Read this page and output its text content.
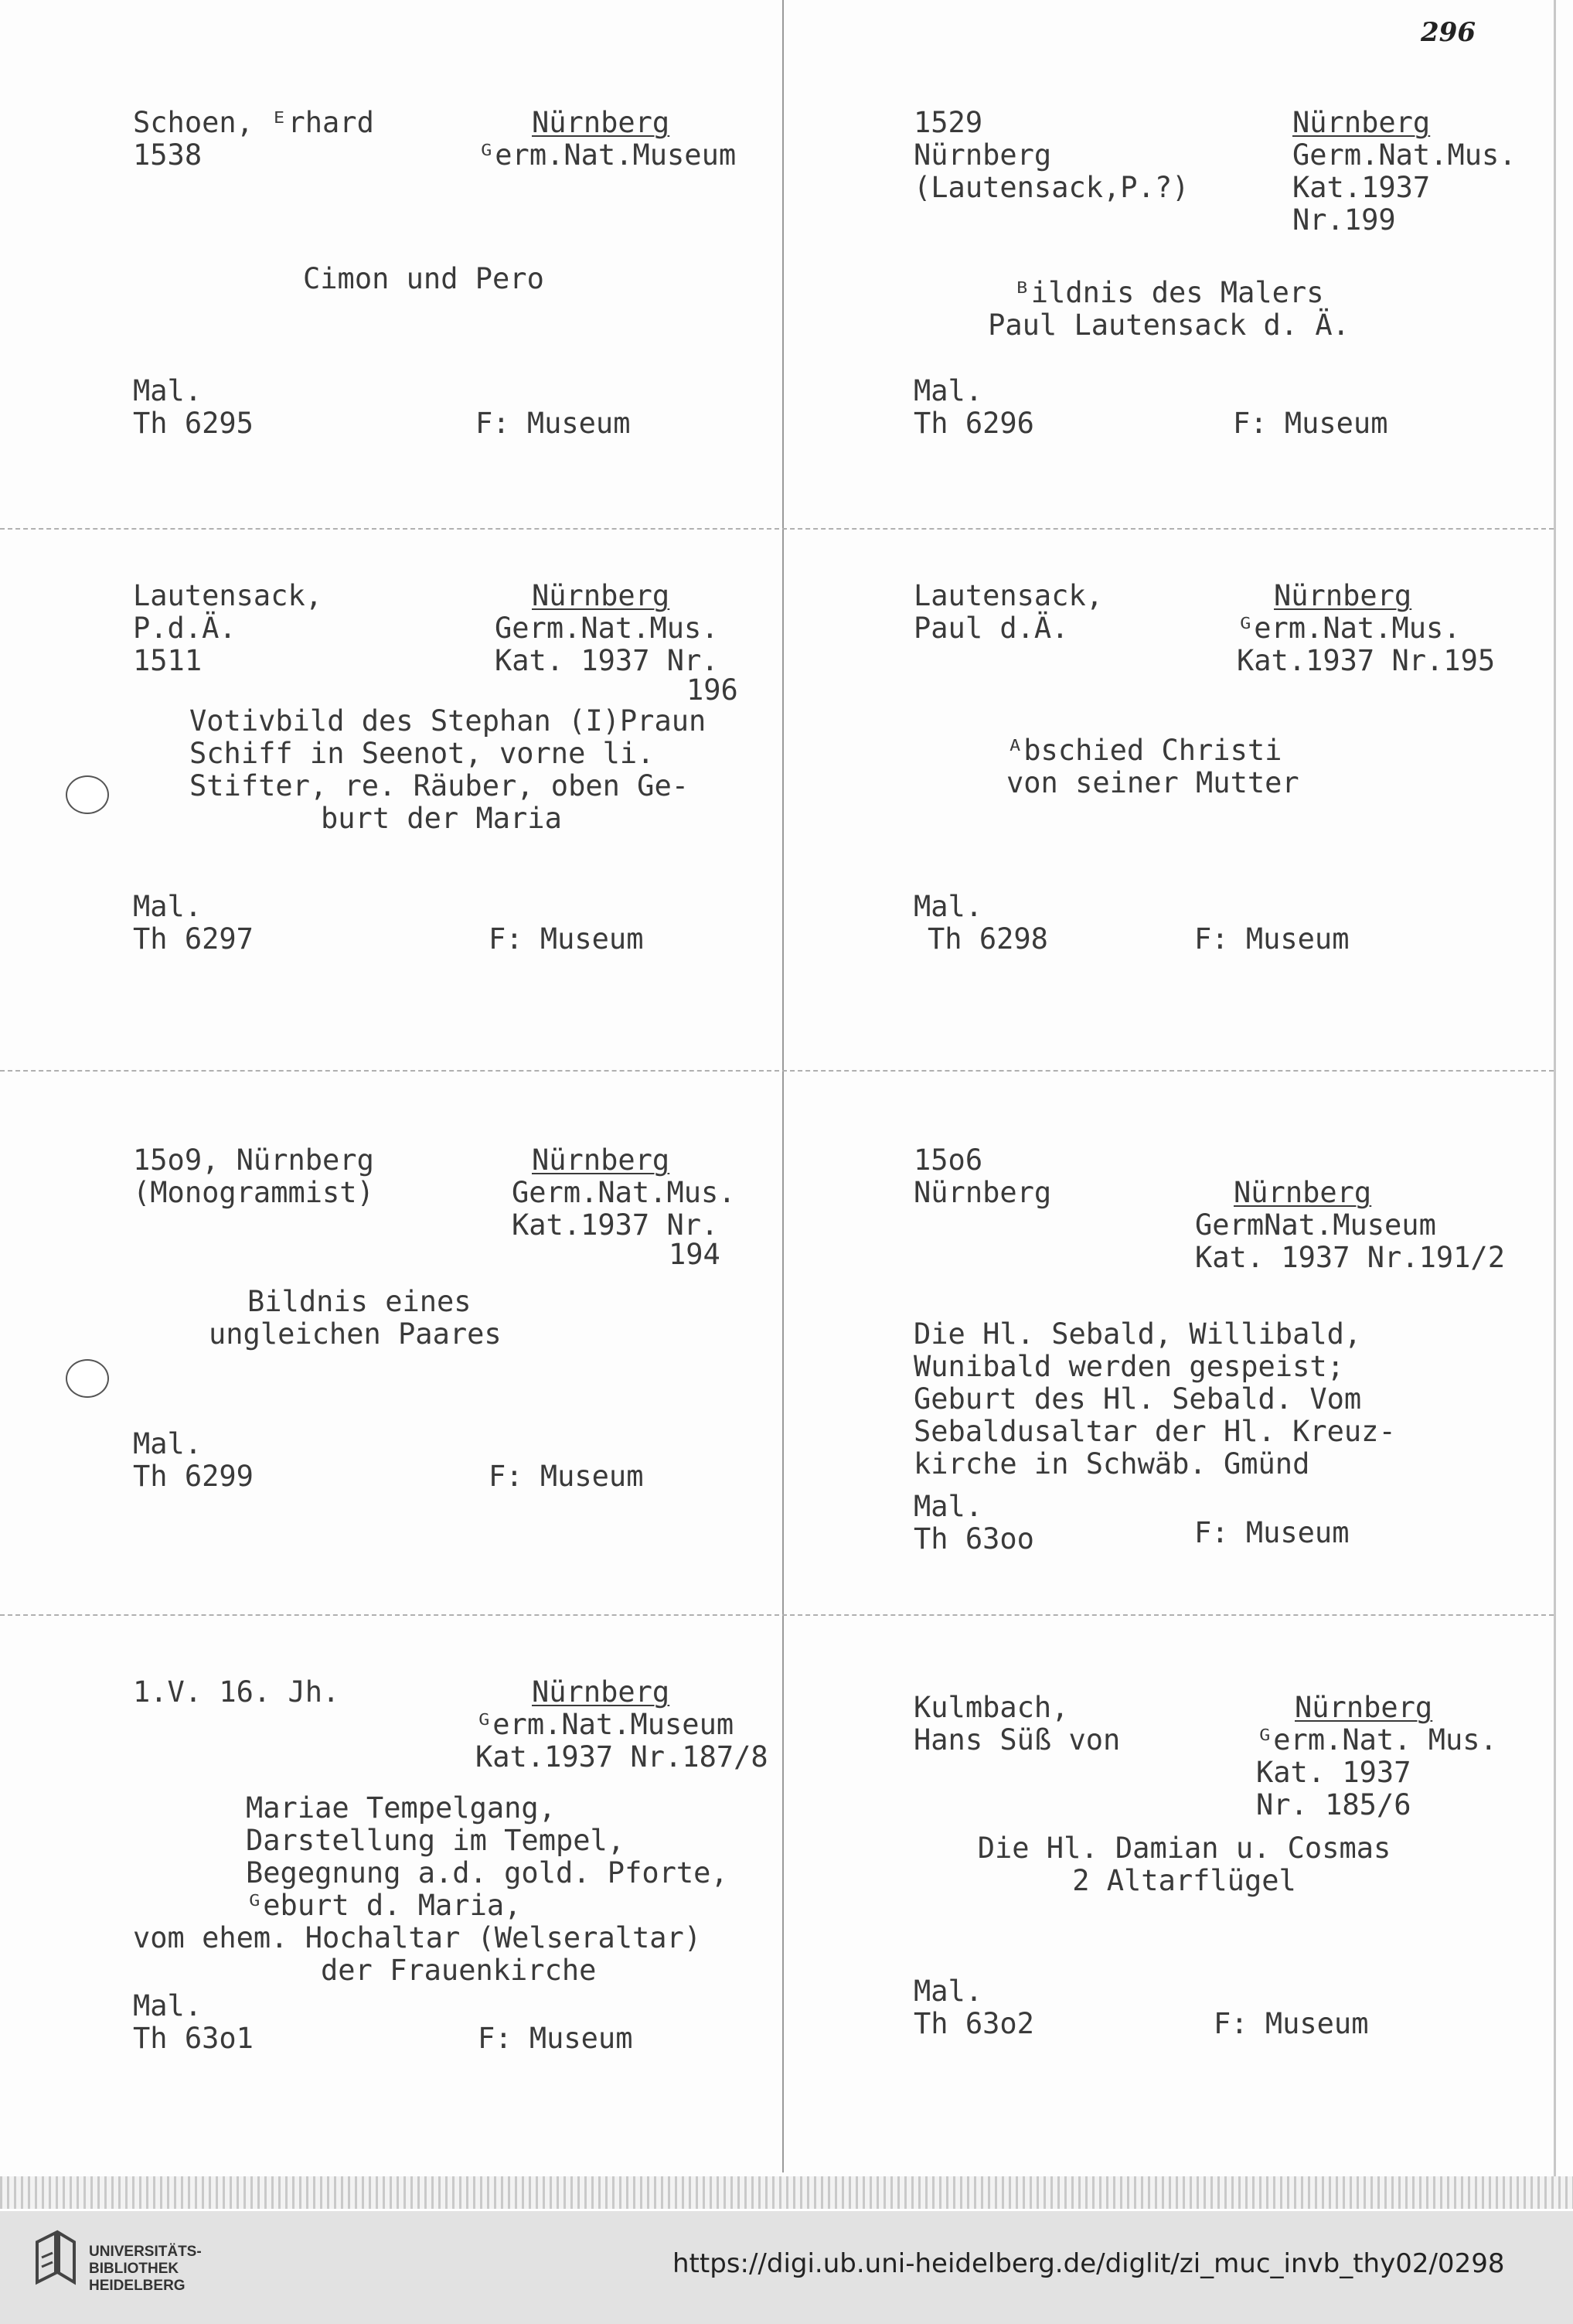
296
Schoen, ᴱrhard
1538
Nürnberg
ᴳerm.Nat.Museum
Cimon und Pero
Mal.
Th 6295	F: Museum
1529
Nürnberg
(Lautensack,P.?)
Nürnberg
Germ.Nat.Mus.
Kat.1937
Nr.199
ᴮildnis des Malers
Paul Lautensack d. Ä.
Mal.
Th 6296	F: Museum
Lautensack,
P.d.Ä.
1511
Nürnberg
Germ.Nat.Mus.
Kat. 1937 Nr.
196
Votivbild des Stephan (I)Praun
Schiff in Seenot, vorne li.
Stifter, re. Räuber, oben Ge-
burt der Maria
Mal.
Th 6297	F: Museum
Lautensack,
Paul d.Ä.
Nürnberg
ᴳerm.Nat.Mus.
Kat.1937 Nr.195
ᴬbschied Christi
von seiner Mutter
Mal.
Th 6298	F: Museum
15o9, Nürnberg
(Monogrammist)
Nürnberg
Germ.Nat.Mus.
Kat.1937 Nr.
194
Bildnis eines
ungleichen Paares
Mal.
Th 6299	F: Museum
15o6
Nürnberg	Nürnberg
GermNat.Museum
Kat. 1937 Nr.191/2
Die Hl. Sebald, Willibald,
Wunibald werden gespeist;
Geburt des Hl. Sebald. Vom
Sebaldusaltar der Hl. Kreuz-
kirche in Schwäb. Gmünd
Mal.
Th 63oo	F: Museum
1.V. 16. Jh.	Nürnberg
ᴳerm.Nat.Museum
Kat.1937 Nr.187/8
Mariae Tempelgang,
Darstellung im Tempel,
Begegnung a.d. gold. Pforte,
ᴳeburt d. Maria,
vom ehem. Hochaltar (Welseraltar)
der Frauenkirche
Mal.
Th 63o1	F: Museum
Kulmbach,
Hans Süß von
Nürnberg
ᴳerm.Nat. Mus.
Kat. 1937
Nr. 185/6
Die Hl. Damian u. Cosmas
2 Altarflügel
Mal.
Th 63o2	F: Museum
UNIVERSITÄTS-
BIBLIOTHEK
HEIDELBERG
https://digi.ub.uni-heidelberg.de/diglit/zi_muc_invb_thy02/0298
